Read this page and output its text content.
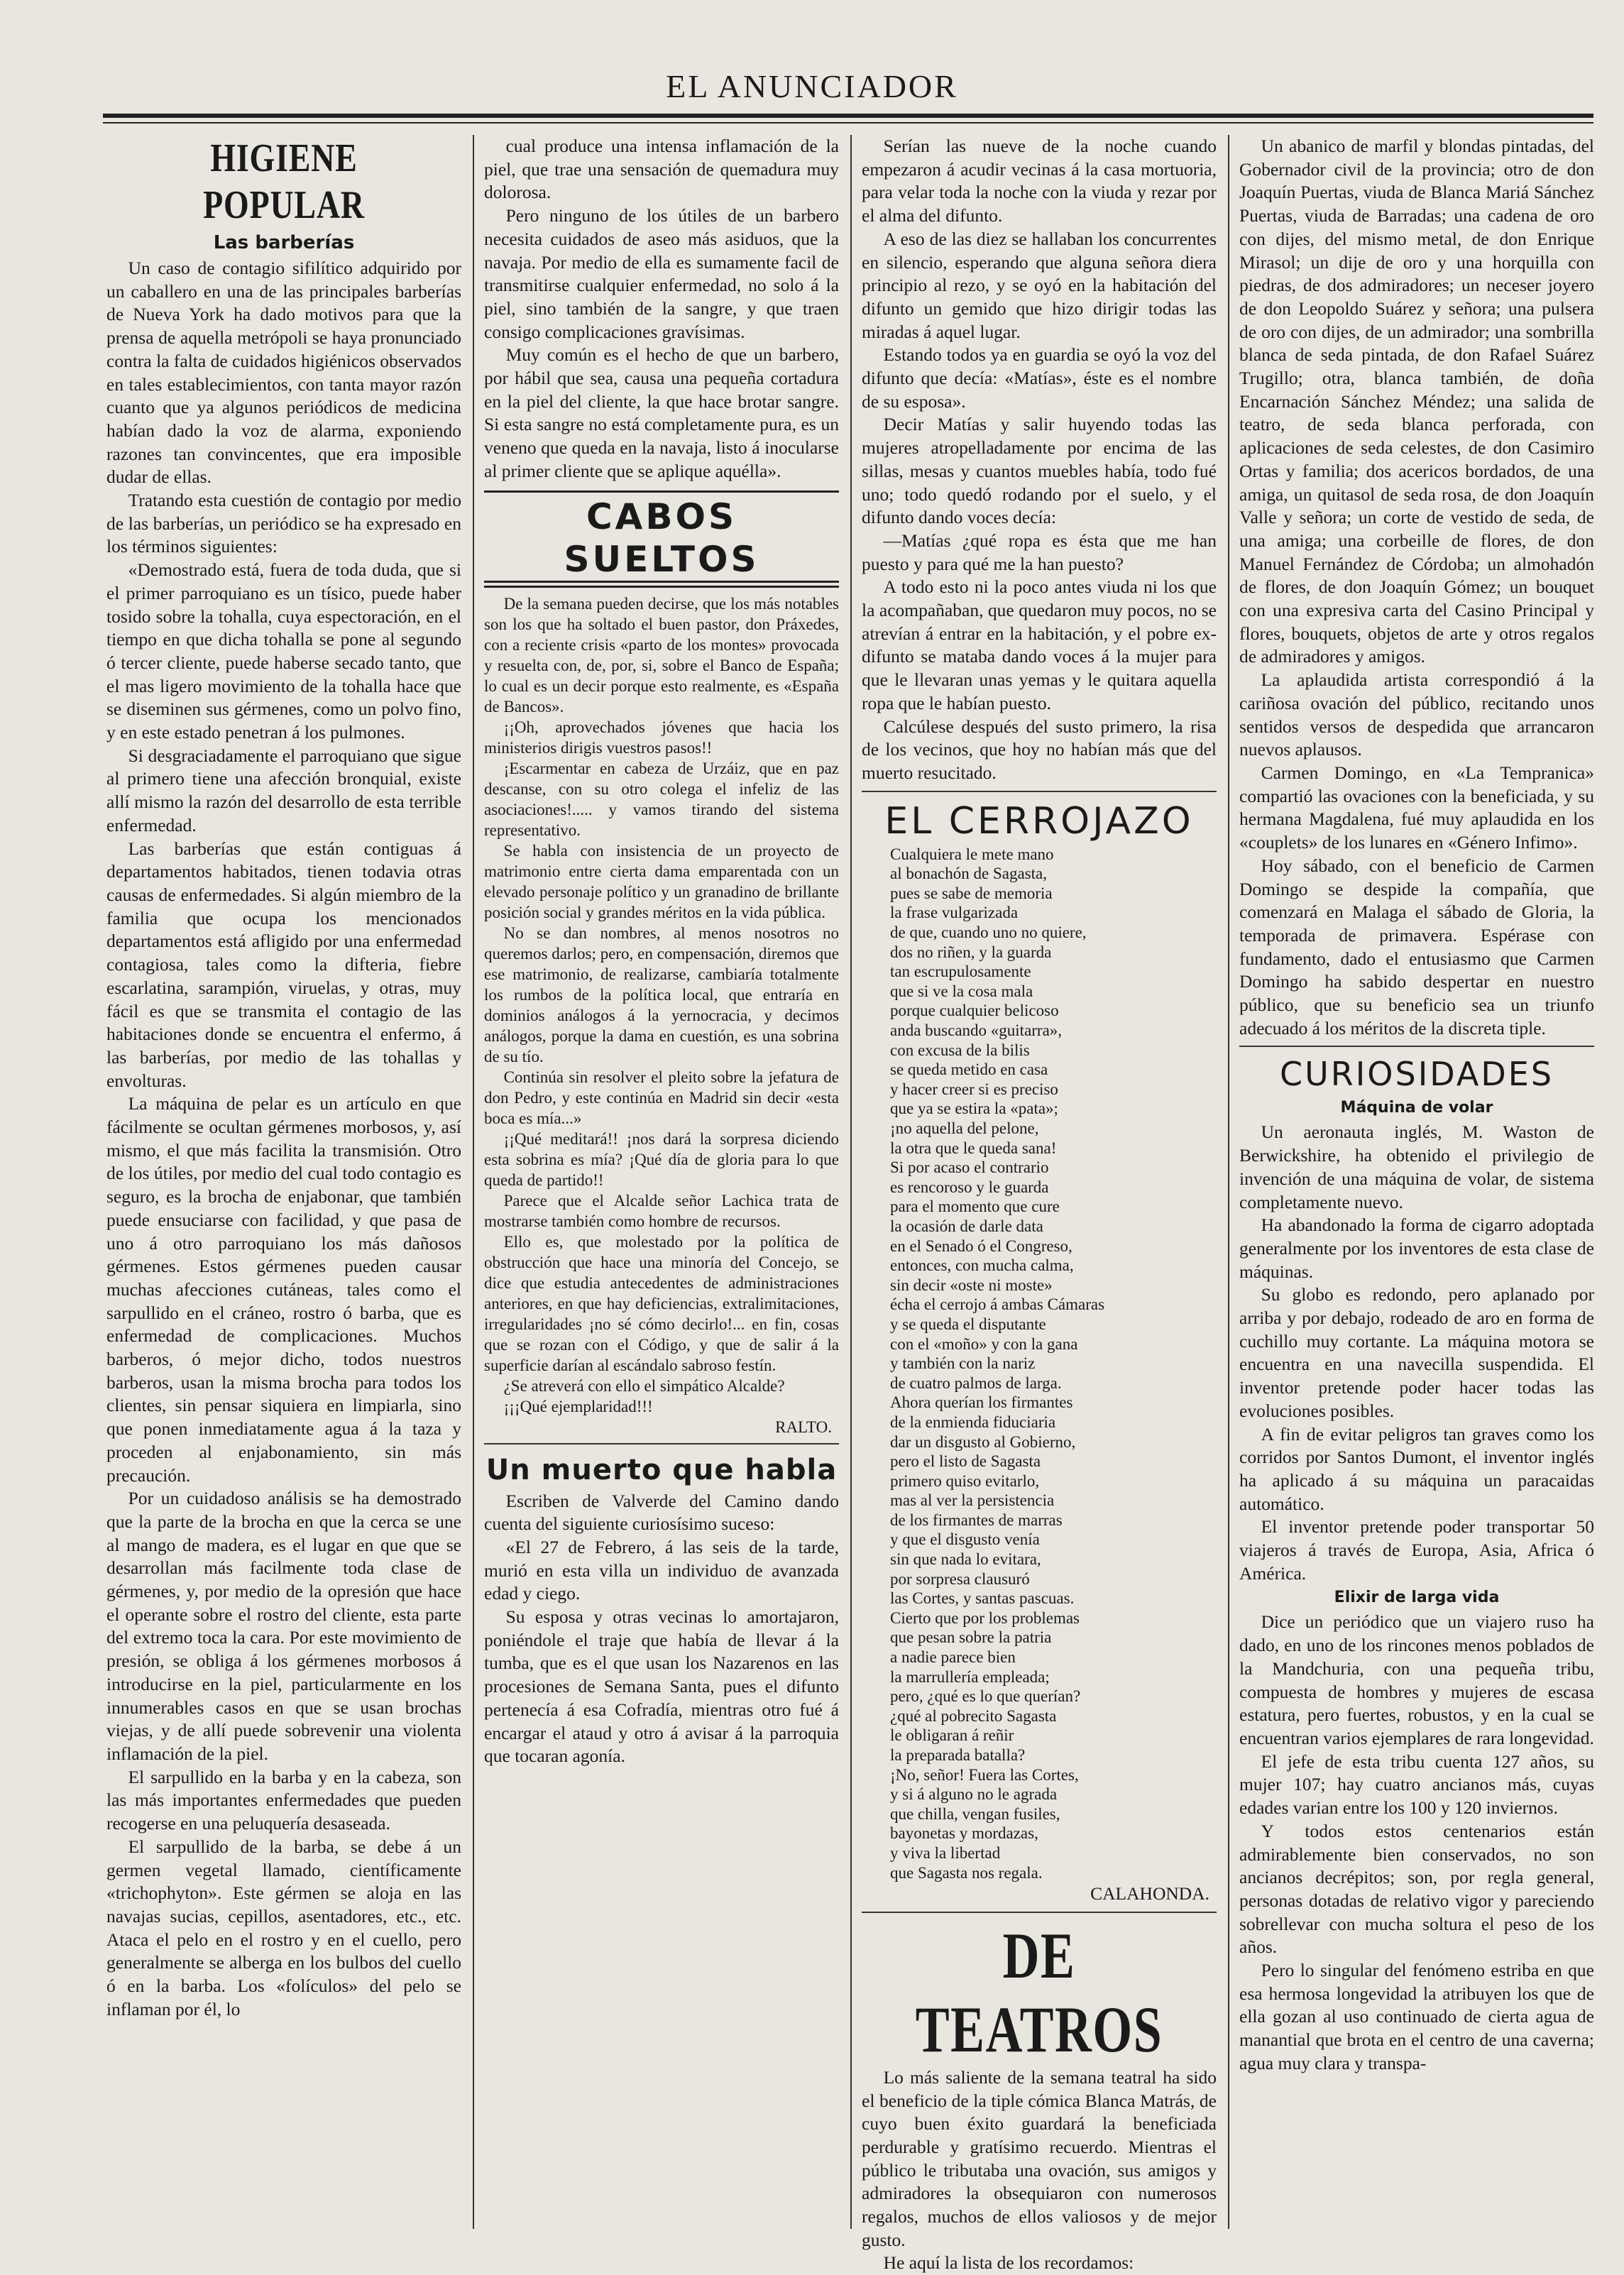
EL ANUNCIADOR
HIGIENE POPULAR
Las barberías

Un caso de contagio sifilítico adquirido por un caballero en una de las principales barberías de Nueva York ha dado motivos para que la prensa de aquella metrópoli se haya pronunciado contra la falta de cuidados higiénicos observados en tales establecimientos, con tanta mayor razón cuanto que ya algunos periódicos de medicina habían dado la voz de alarma, exponiendo razones tan convincentes, que era imposible dudar de ellas.

Tratando esta cuestión de contagio por medio de las barberías, un periódico se ha expresado en los términos siguientes:

«Demostrado está, fuera de toda duda, que si el primer parroquiano es un tísico, puede haber tosido sobre la tohalla, cuya espectoración, en el tiempo en que dicha tohalla se pone al segundo ó tercer cliente, puede haberse secado tanto, que el mas ligero movimiento de la tohalla hace que se diseminen sus gérmenes, como un polvo fino, y en este estado penetran á los pulmones.

Si desgraciadamente el parroquiano que sigue al primero tiene una afección bronquial, existe allí mismo la razón del desarrollo de esta terrible enfermedad.

Las barberías que están contiguas á departamentos habitados, tienen todavia otras causas de enfermedades. Si algún miembro de la familia que ocupa los mencionados departamentos está afligido por una enfermedad contagiosa, tales como la difteria, fiebre escarlatina, sarampión, viruelas, y otras, muy fácil es que se transmita el contagio de las habitaciones donde se encuentra el enfermo, á las barberías, por medio de las tohallas y envolturas.

La máquina de pelar es un artículo en que fácilmente se ocultan gérmenes morbosos, y, así mismo, el que más facilita la transmisión. Otro de los útiles, por medio del cual todo contagio es seguro, es la brocha de enjabonar, que también puede ensuciarse con facilidad, y que pasa de uno á otro parroquiano los más dañosos gérmenes. Estos gérmenes pueden causar muchas afecciones cutáneas, tales como el sarpullido en el cráneo, rostro ó barba, que es enfermedad de complicaciones. Muchos barberos, ó mejor dicho, todos nuestros barberos, usan la misma brocha para todos los clientes, sin pensar siquiera en limpiarla, sino que ponen inmediatamente agua á la taza y proceden al enjabonamiento, sin más precaución.

Por un cuidadoso análisis se ha demostrado que la parte de la brocha en que la cerca se une al mango de madera, es el lugar en que que se desarrollan más facilmente toda clase de gérmenes, y, por medio de la opresión que hace el operante sobre el rostro del cliente, esta parte del extremo toca la cara. Por este movimiento de presión, se obliga á los gérmenes morbosos á introducirse en la piel, particularmente en los innumerables casos en que se usan brochas viejas, y de allí puede sobrevenir una violenta inflamación de la piel.

El sarpullido en la barba y en la cabeza, son las más importantes enfermedades que pueden recogerse en una peluquería desaseada.

El sarpullido de la barba, se debe á un germen vegetal llamado, científicamente «trichophyton». Este gérmen se aloja en las navajas sucias, cepillos, asentadores, etc., etc. Ataca el pelo en el rostro y en el cuello, pero generalmente se alberga en los bulbos del cuello ó en la barba. Los «folículos» del pelo se inflaman por él, lo

cual produce una intensa inflamación de la piel, que trae una sensación de quemadura muy dolorosa.

Pero ninguno de los útiles de un barbero necesita cuidados de aseo más asiduos, que la navaja. Por medio de ella es sumamente facil de transmitirse cualquier enfermedad, no solo á la piel, sino también de la sangre, y que traen consigo complicaciones gravísimas.

Muy común es el hecho de que un barbero, por hábil que sea, causa una pequeña cortadura en la piel del cliente, la que hace brotar sangre. Si esta sangre no está completamente pura, es un veneno que queda en la navaja, listo á inocularse al primer cliente que se aplique aquélla».

CABOS SUELTOS

De la semana pueden decirse, que los más notables son los que ha soltado el buen pastor, don Práxedes, con a reciente crisis «parto de los montes» provocada y resuelta con, de, por, si, sobre el Banco de España; lo cual es un decir porque esto realmente, es «España de Bancos».

¡¡Oh, aprovechados jóvenes que hacia los ministerios dirigis vuestros pasos!!

¡Escarmentar en cabeza de Urzáiz, que en paz descanse, con su otro colega el infeliz de las asociaciones!..... y vamos tirando del sistema representativo.

Se habla con insistencia de un proyecto de matrimonio entre cierta dama emparentada con un elevado personaje político y un granadino de brillante posición social y grandes méritos en la vida pública.

No se dan nombres, al menos nosotros no queremos darlos; pero, en compensación, diremos que ese matrimonio, de realizarse, cambiaría totalmente los rumbos de la política local, que entraría en dominios análogos á la yernocracia, y decimos análogos, porque la dama en cuestión, es una sobrina de su tío.

Continúa sin resolver el pleito sobre la jefatura de don Pedro, y este continúa en Madrid sin decir «esta boca es mía...»

¡¡Qué meditará!! ¡nos dará la sorpresa diciendo esta sobrina es mía? ¡Qué día de gloria para lo que queda de partido!!

Parece que el Alcalde señor Lachica trata de mostrarse también como hombre de recursos.

Ello es, que molestado por la política de obstrucción que hace una minoría del Concejo, se dice que estudia antecedentes de administraciones anteriores, en que hay deficiencias, extralimitaciones, irregularidades ¡no sé cómo decirlo!... en fin, cosas que se rozan con el Código, y que de salir á la superficie darían al escándalo sabroso festín.

¿Se atreverá con ello el simpático Alcalde?

¡¡¡Qué ejemplaridad!!!

RALTO.

Un muerto que habla

Escriben de Valverde del Camino dando cuenta del siguiente curiosísimo suceso:

«El 27 de Febrero, á las seis de la tarde, murió en esta villa un individuo de avanzada edad y ciego.

Su esposa y otras vecinas lo amortajaron, poniéndole el traje que había de llevar á la tumba, que es el que usan los Nazarenos en las procesiones de Semana Santa, pues el difunto pertenecía á esa Cofradía, mientras otro fué á encargar el ataud y otro á avisar á la parroquia que tocaran agonía.

Serían las nueve de la noche cuando empezaron á acudir vecinas á la casa mortuoria, para velar toda la noche con la viuda y rezar por el alma del difunto.

A eso de las diez se hallaban los concurrentes en silencio, esperando que alguna señora diera principio al rezo, y se oyó en la habitación del difunto un gemido que hizo dirigir todas las miradas á aquel lugar.

Estando todos ya en guardia se oyó la voz del difunto que decía: «Matías», éste es el nombre de su esposa».

Decir Matías y salir huyendo todas las mujeres atropelladamente por encima de las sillas, mesas y cuantos muebles había, todo fué uno; todo quedó rodando por el suelo, y el difunto dando voces decía:

—Matías ¿qué ropa es ésta que me han puesto y para qué me la han puesto?

A todo esto ni la poco antes viuda ni los que la acompañaban, que quedaron muy pocos, no se atrevían á entrar en la habitación, y el pobre ex-difunto se mataba dando voces á la mujer para que le llevaran unas yemas y le quitara aquella ropa que le habían puesto.

Calcúlese después del susto primero, la risa de los vecinos, que hoy no habían más que del muerto resucitado.

EL CERROJAZO

Cualquiera le mete mano
al bonachón de Sagasta,
pues se sabe de memoria
la frase vulgarizada
de que, cuando uno no quiere,
dos no riñen, y la guarda
tan escrupulosamente
que si ve la cosa mala
porque cualquier belicoso
anda buscando «guitarra»,
con excusa de la bilis
se queda metido en casa
y hacer creer si es preciso
que ya se estira la «pata»;
¡no aquella del pelone,
la otra que le queda sana!
Si por acaso el contrario
es rencoroso y le guarda
para el momento que cure
la ocasión de darle data
en el Senado ó el Congreso,
entonces, con mucha calma,
sin decir «oste ni moste»
écha el cerrojo á ambas Cámaras
y se queda el disputante
con el «moño» y con la gana
y también con la nariz
de cuatro palmos de larga.
Ahora querían los firmantes
de la enmienda fiduciaria
dar un disgusto al Gobierno,
pero el listo de Sagasta
primero quiso evitarlo,
mas al ver la persistencia
de los firmantes de marras
y que el disgusto venía
sin que nada lo evitara,
por sorpresa clausuró
las Cortes, y santas pascuas.
Cierto que por los problemas
que pesan sobre la patria
a nadie parece bien
la marrullería empleada;
pero, ¿qué es lo que querían?
¿qué al pobrecito Sagasta
le obligaran á reñir
la preparada batalla?
¡No, señor! Fuera las Cortes,
y si á alguno no le agrada
que chilla, vengan fusiles,
bayonetas y mordazas,
y viva la libertad
que Sagasta nos regala.

CALAHONDA.

DE TEATROS

Lo más saliente de la semana teatral ha sido el beneficio de la tiple cómica Blanca Matrás, de cuyo buen éxito guardará la beneficiada perdurable y gratísimo recuerdo. Mientras el público le tributaba una ovación, sus amigos y admiradores la obsequiaron con numerosos regalos, muchos de ellos valiosos y de mejor gusto.

He aquí la lista de los recordamos:

Un abanico de marfil y blondas pintadas, del Gobernador civil de la provincia; otro de don Joaquín Puertas, viuda de Blanca Mariá Sánchez Puertas, viuda de Barradas; una cadena de oro con dijes, del mismo metal, de don Enrique Mirasol; un dije de oro y una horquilla con piedras, de dos admiradores; un neceser joyero de don Leopoldo Suárez y señora; una pulsera de oro con dijes, de un admirador; una sombrilla blanca de seda pintada, de don Rafael Suárez Trugillo; otra, blanca también, de doña Encarnación Sánchez Méndez; una salida de teatro, de seda blanca perforada, con aplicaciones de seda celestes, de don Casimiro Ortas y familia; dos acericos bordados, de una amiga, un quitasol de seda rosa, de don Joaquín Valle y señora; un corte de vestido de seda, de una amiga; una corbeille de flores, de don Manuel Fernández de Córdoba; un almohadón de flores, de don Joaquín Gómez; un bouquet con una expresiva carta del Casino Principal y flores, bouquets, objetos de arte y otros regalos de admiradores y amigos.

La aplaudida artista correspondió á la cariñosa ovación del público, recitando unos sentidos versos de despedida que arrancaron nuevos aplausos.

Carmen Domingo, en «La Tempranica» compartió las ovaciones con la beneficiada, y su hermana Magdalena, fué muy aplaudida en los «couplets» de los lunares en «Género Infimo».

Hoy sábado, con el beneficio de Carmen Domingo se despide la compañía, que comenzará en Malaga el sábado de Gloria, la temporada de primavera. Espérase con fundamento, dado el entusiasmo que Carmen Domingo ha sabido despertar en nuestro público, que su beneficio sea un triunfo adecuado á los méritos de la discreta tiple.

CURIOSIDADES
Máquina de volar

Un aeronauta inglés, M. Waston de Berwickshire, ha obtenido el privilegio de invención de una máquina de volar, de sistema completamente nuevo.

Ha abandonado la forma de cigarro adoptada generalmente por los inventores de esta clase de máquinas.

Su globo es redondo, pero aplanado por arriba y por debajo, rodeado de aro en forma de cuchillo muy cortante. La máquina motora se encuentra en una navecilla suspendida. El inventor pretende poder hacer todas las evoluciones posibles.

A fin de evitar peligros tan graves como los corridos por Santos Dumont, el inventor inglés ha aplicado á su máquina un paracaidas automático.

El inventor pretende poder transportar 50 viajeros á través de Europa, Asia, Africa ó América.

Elixir de larga vida

Dice un periódico que un viajero ruso ha dado, en uno de los rincones menos poblados de la Mandchuria, con una pequeña tribu, compuesta de hombres y mujeres de escasa estatura, pero fuertes, robustos, y en la cual se encuentran varios ejemplares de rara longevidad.

El jefe de esta tribu cuenta 127 años, su mujer 107; hay cuatro ancianos más, cuyas edades varian entre los 100 y 120 inviernos.

Y todos estos centenarios están admirablemente bien conservados, no son ancianos decrépitos; son, por regla general, personas dotadas de relativo vigor y pareciendo sobrellevar con mucha soltura el peso de los años.

Pero lo singular del fenómeno estriba en que esa hermosa longevidad la atribuyen los que de ella gozan al uso continuado de cierta agua de manantial que brota en el centro de una caverna; agua muy clara y transpa-
